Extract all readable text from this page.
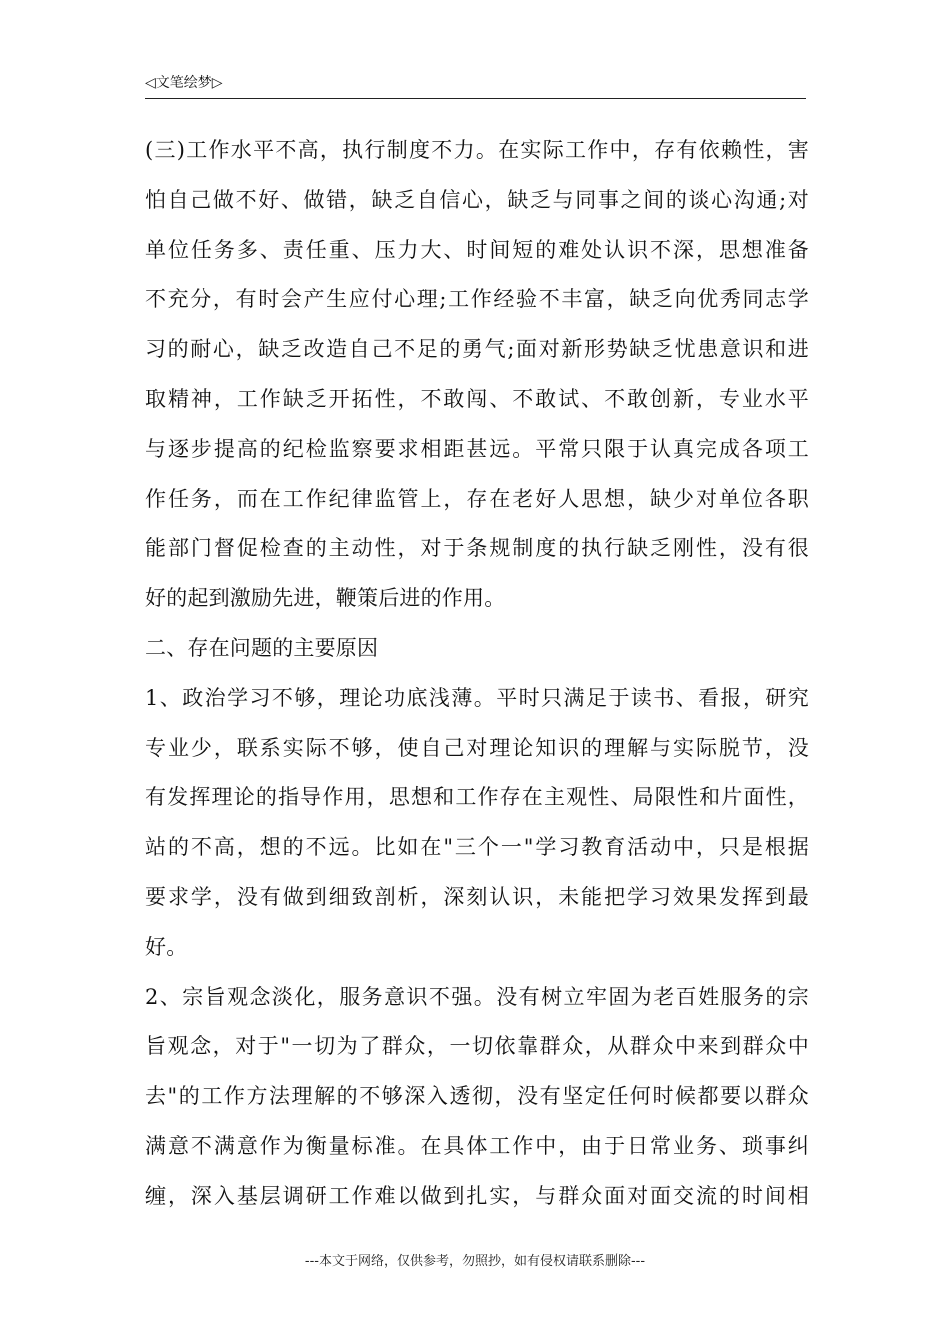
◁文笔绘梦▷
(三)工作水平不高，执行制度不力。在实际工作中，存有依赖性，害
怕自己做不好、做错，缺乏自信心，缺乏与同事之间的谈心沟通;对
单位任务多、责任重、压力大、时间短的难处认识不深，思想准备
不充分，有时会产生应付心理;工作经验不丰富，缺乏向优秀同志学
习的耐心，缺乏改造自己不足的勇气;面对新形势缺乏忧患意识和进
取精神，工作缺乏开拓性，不敢闯、不敢试、不敢创新，专业水平
与逐步提高的纪检监察要求相距甚远。平常只限于认真完成各项工
作任务，而在工作纪律监管上，存在老好人思想，缺少对单位各职
能部门督促检查的主动性，对于条规制度的执行缺乏刚性，没有很
好的起到激励先进，鞭策后进的作用。
二、存在问题的主要原因
1、政治学习不够，理论功底浅薄。平时只满足于读书、看报，研究
专业少，联系实际不够，使自己对理论知识的理解与实际脱节，没
有发挥理论的指导作用，思想和工作存在主观性、局限性和片面性，
站的不高，想的不远。比如在"三个一"学习教育活动中，只是根据
要求学，没有做到细致剖析，深刻认识，未能把学习效果发挥到最
好。
2、宗旨观念淡化，服务意识不强。没有树立牢固为老百姓服务的宗
旨观念，对于"一切为了群众，一切依靠群众，从群众中来到群众中
去"的工作方法理解的不够深入透彻，没有坚定任何时候都要以群众
满意不满意作为衡量标准。在具体工作中，由于日常业务、琐事纠
缠，深入基层调研工作难以做到扎实，与群众面对面交流的时间相
---本文于网络，仅供参考，勿照抄，如有侵权请联系删除---
